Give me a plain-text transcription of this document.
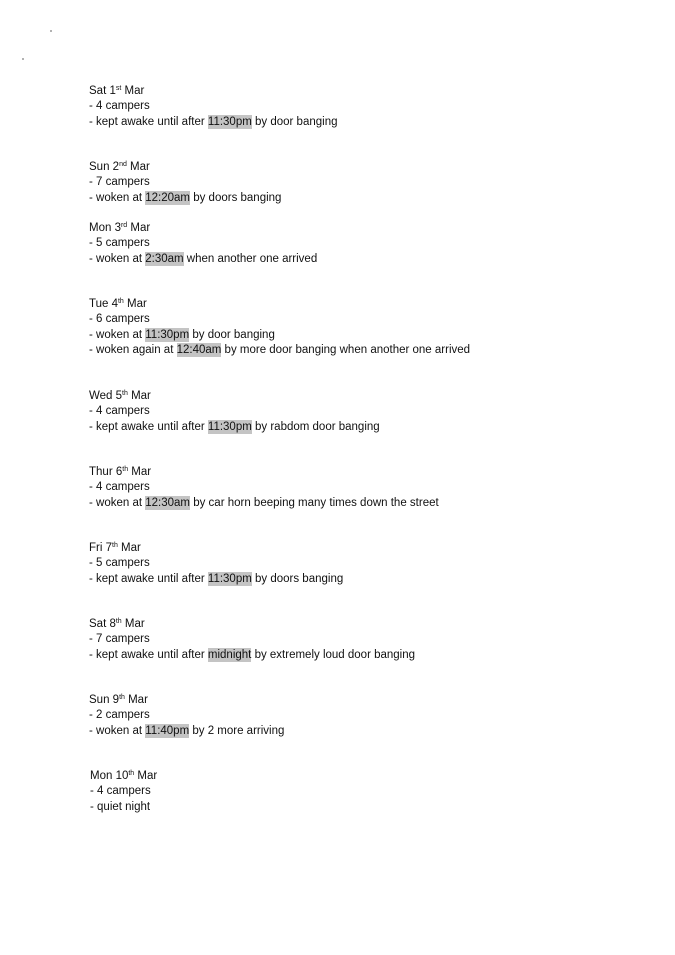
Sat 1st Mar
- 4 campers
- kept awake until after 11:30pm by door banging
Sun 2nd Mar
- 7 campers
- woken at 12:20am by doors banging
Mon 3rd Mar
- 5 campers
- woken at 2:30am when another one arrived
Tue 4th Mar
- 6 campers
- woken at 11:30pm by door banging
- woken again at 12:40am by more door banging when another one arrived
Wed 5th Mar
- 4 campers
- kept awake until after 11:30pm by rabdom door banging
Thur 6th Mar
- 4 campers
- woken at 12:30am by car horn beeping many times down the street
Fri 7th Mar
- 5 campers
- kept awake until after 11:30pm by doors banging
Sat 8th Mar
- 7 campers
- kept awake until after midnight by extremely loud door banging
Sun 9th Mar
- 2 campers
- woken at 11:40pm by 2 more arriving
Mon 10th Mar
- 4 campers
- quiet night
